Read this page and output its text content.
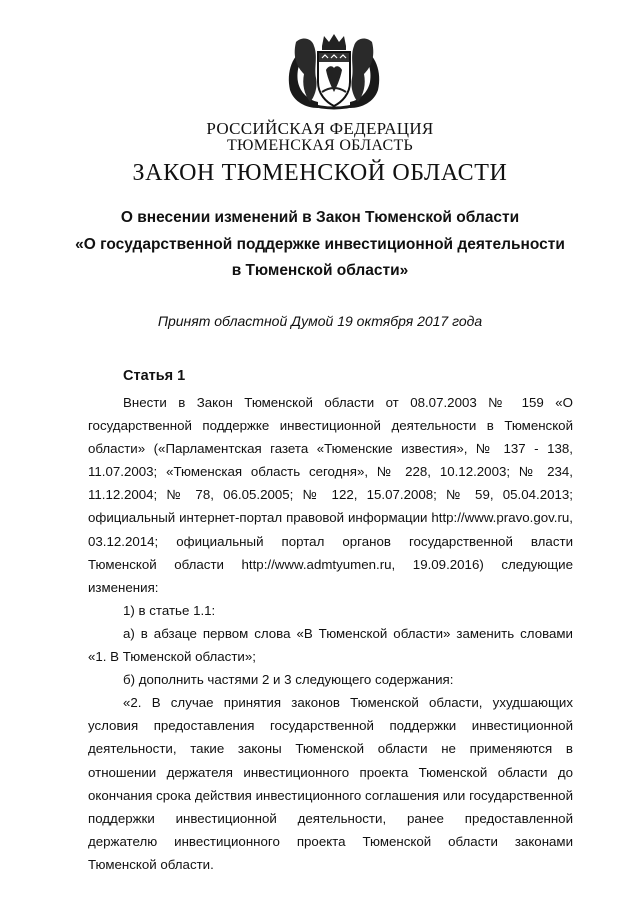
РОССИЙСКАЯ ФЕДЕРАЦИЯ
ТЮМЕНСКАЯ ОБЛАСТЬ
ЗАКОН ТЮМЕНСКОЙ ОБЛАСТИ
О внесении изменений в Закон Тюменской области
«О государственной поддержке инвестиционной деятельности
в Тюменской области»
Принят областной Думой 19 октября 2017 года
Статья 1

Внести в Закон Тюменской области от 08.07.2003 № 159 «О государственной поддержке инвестиционной деятельности в Тюменской области» («Парламентская газета «Тюменские известия», № 137 - 138, 11.07.2003; «Тюменская область сегодня», № 228, 10.12.2003; № 234, 11.12.2004; № 78, 06.05.2005; № 122, 15.07.2008; № 59, 05.04.2013; официальный интернет-портал правовой информации http://www.pravo.gov.ru, 03.12.2014; официальный портал органов государственной власти Тюменской области http://www.admtyumen.ru, 19.09.2016) следующие изменения:

1) в статье 1.1:

а) в абзаце первом слова «В Тюменской области» заменить словами «1. В Тюменской области»;

б) дополнить частями 2 и 3 следующего содержания:

«2. В случае принятия законов Тюменской области, ухудшающих условия предоставления государственной поддержки инвестиционной деятельности, такие законы Тюменской области не применяются в отношении держателя инвестиционного проекта Тюменской области до окончания срока действия инвестиционного соглашения или государственной поддержки инвестиционной деятельности, ранее предоставленной держателю инвестиционного проекта Тюменской области законами Тюменской области.
